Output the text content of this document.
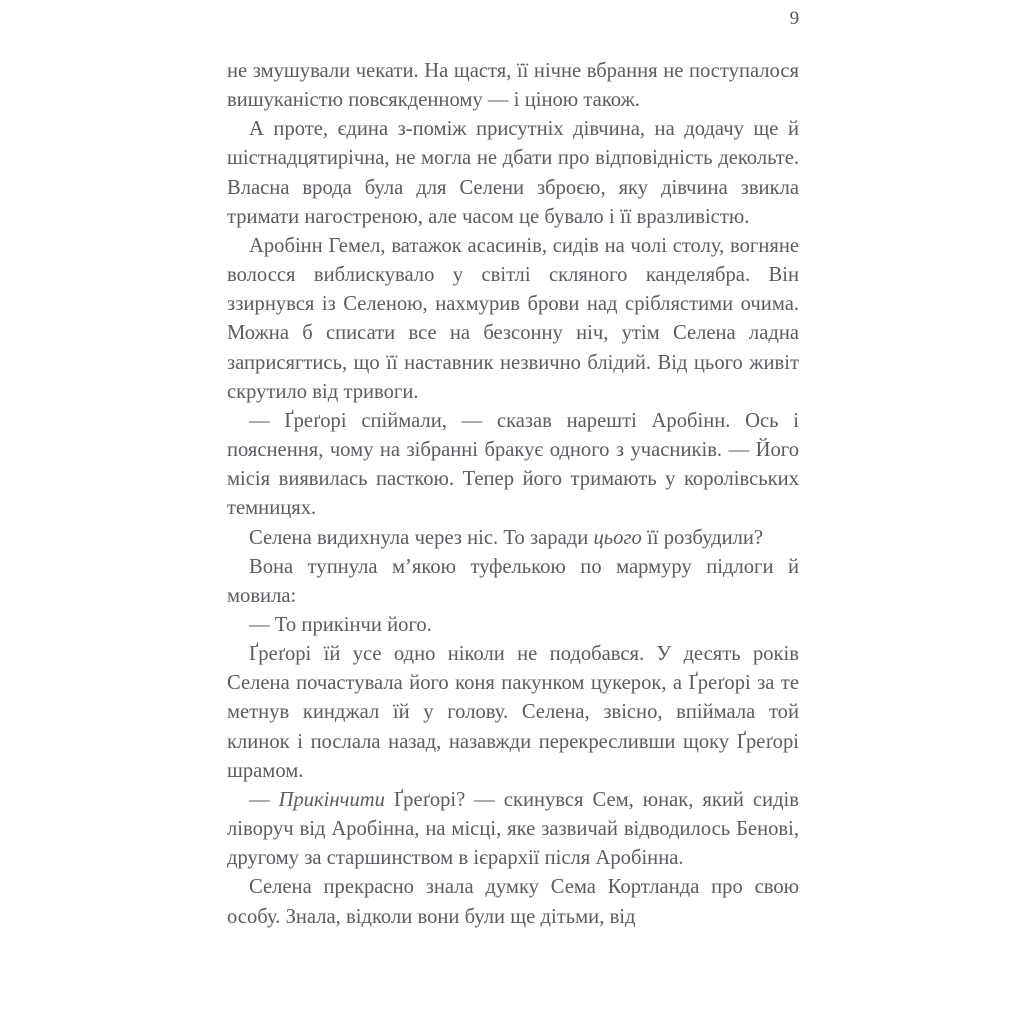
9

не змушували чекати. На щастя, її нічне вбрання не поступалося вишуканістю повсякденному — і ціною також.

А проте, єдина з-поміж присутніх дівчина, на додачу ще й шістнадцятирічна, не могла не дбати про відповідність декольте. Власна врода була для Селени зброєю, яку дівчина звикла тримати нагостреною, але часом це бувало і її вразливістю.

Аробінн Гемел, ватажок асасинів, сидів на чолі столу, вогняне волосся виблискувало у світлі скляного канделябра. Він ззирнувся із Селеною, нахмурив брови над сріблястими очима. Можна б списати все на безсонну ніч, утім Селена ладна заприсягтись, що її наставник незвично блідий. Від цього живіт скрутило від тривоги.

— Ґреґорі спіймали, — сказав нарешті Аробінн. Ось і пояснення, чому на зібранні бракує одного з учасників. — Його місія виявилась пасткою. Тепер його тримають у королівських темницях.

Селена видихнула через ніс. То заради цього її розбудили?

Вона тупнула м’якою туфелькою по мармуру підлоги й мовила:

— То прикінчи його.

Ґреґорі їй усе одно ніколи не подобався. У десять років Селена почастувала його коня пакунком цукерок, а Ґреґорі за те метнув кинджал їй у голову. Селена, звісно, впіймала той клинок і послала назад, назавжди перекресливши щоку Ґреґорі шрамом.

— Прикінчити Ґреґорі? — скинувся Сем, юнак, який сидів ліворуч від Аробінна, на місці, яке зазвичай відводилось Бенові, другому за старшинством в ієрархії після Аробінна.

Селена прекрасно знала думку Сема Кортланда про свою особу. Знала, відколи вони були ще дітьми, від
